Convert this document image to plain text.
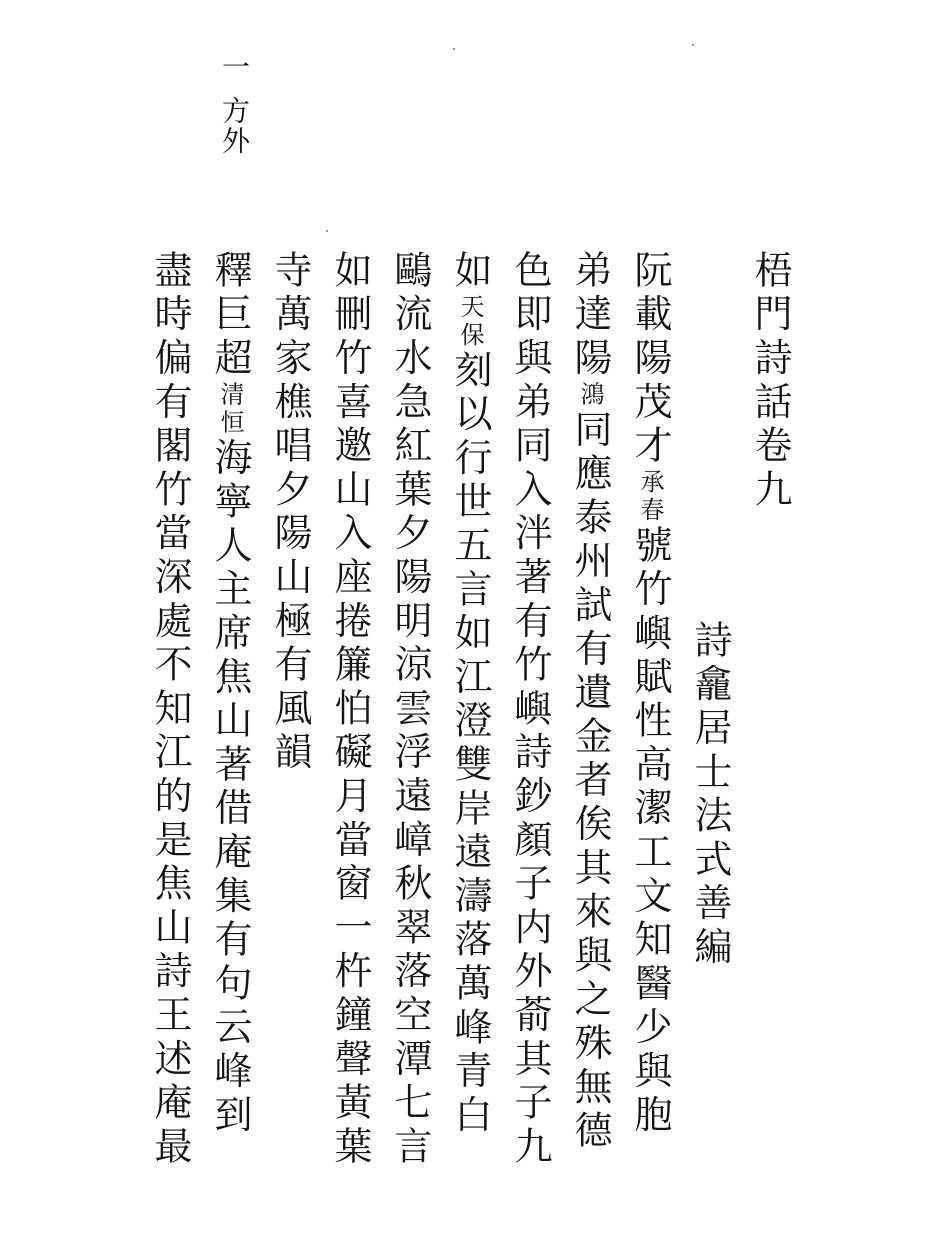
一
方外
梧門詩話卷九
詩龕居士法式善編
阮載陽茂才承春號竹嶼賦性高潔工文知醫少與胞
弟達陽鴻同應泰州試有遺金者俟其來與之殊無德
色即與弟同入泮著有竹嶼詩鈔顏子内外萮其子九
如天保刻以行世五言如江澄雙岸遠濤落萬峰青白
鷗流水急紅葉夕陽明涼雲浮遠嶂秋翠落空潭七言
如刪竹喜邀山入座捲簾怕礙月當窗一杵鐘聲黃葉
寺萬家樵唱夕陽山極有風韻
釋巨超清恒海寧人主席焦山著借庵集有句云峰到
盡時偏有閣竹當深處不知江的是焦山詩王述庵最
